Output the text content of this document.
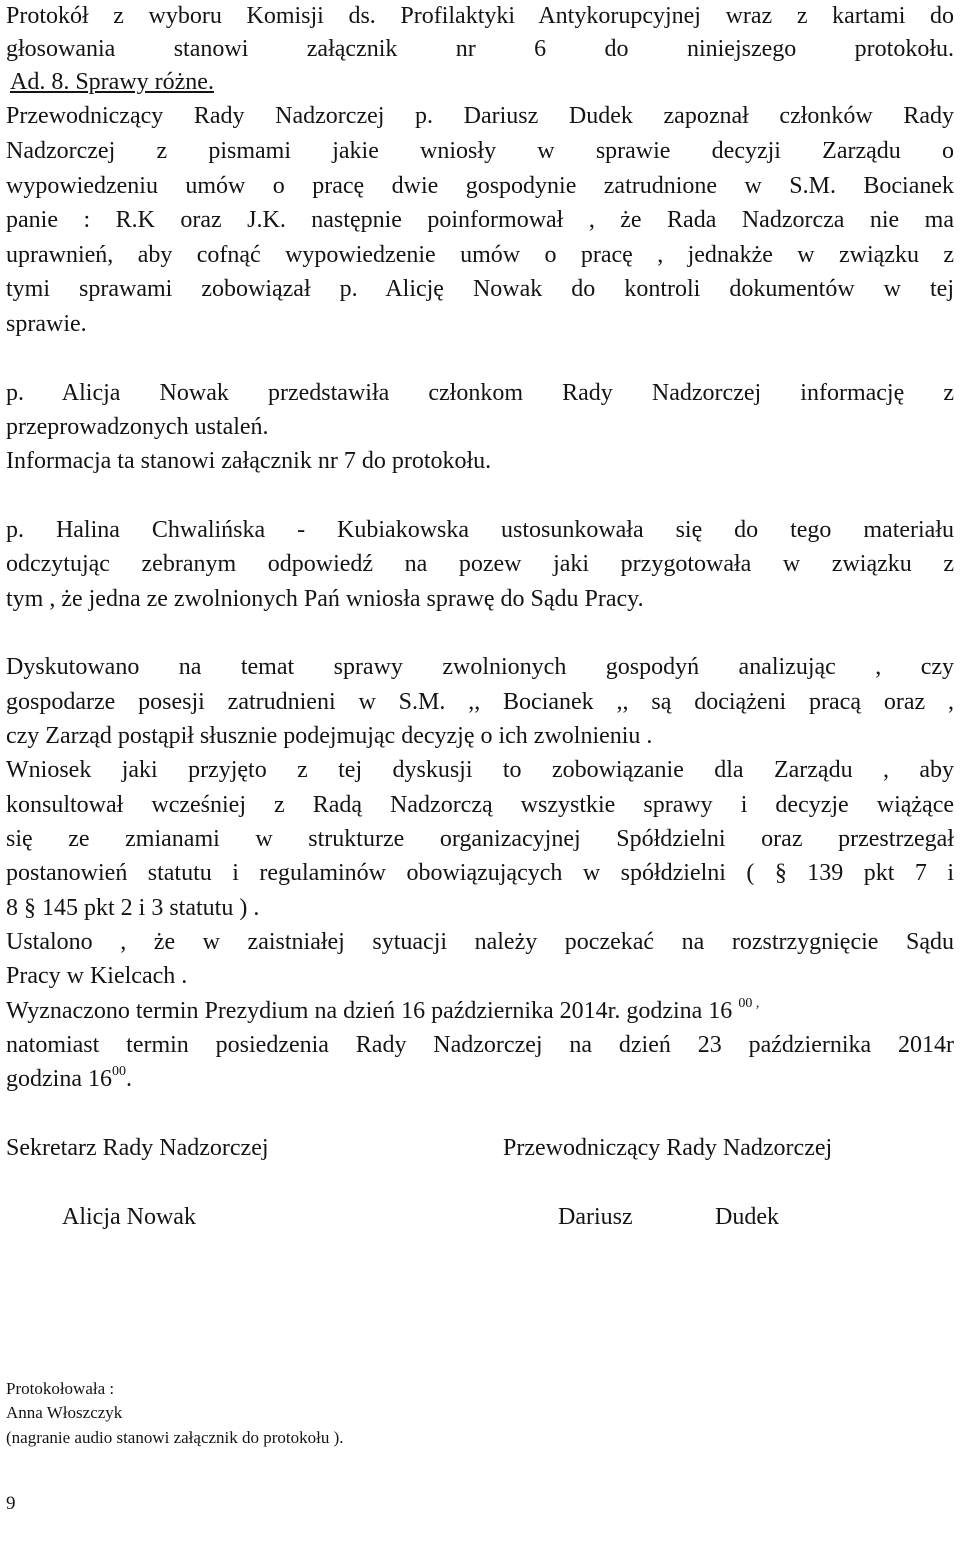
Protokół z wyboru Komisji ds. Profilaktyki Antykorupcyjnej wraz z kartami do

głosowania stanowi załącznik nr 6 do niniejszego protokołu.

Ad. 8. Sprawy różne.

Przewodniczący Rady Nadzorczej p. Dariusz Dudek zapoznał członków Rady

Nadzorczej z pismami jakie wniosły w sprawie decyzji Zarządu o

wypowiedzeniu umów o pracę dwie gospodynie zatrudnione w S.M. Bocianek

panie : R.K oraz J.K. następnie poinformował , że Rada Nadzorcza nie ma

uprawnień, aby cofnąć wypowiedzenie umów o pracę , jednakże w związku z

tymi sprawami zobowiązał p. Alicję Nowak do kontroli dokumentów w tej

sprawie.

p. Alicja Nowak przedstawiła członkom Rady Nadzorczej informację z

przeprowadzonych ustaleń.

Informacja ta stanowi załącznik nr 7 do protokołu.

p. Halina Chwalińska - Kubiakowska ustosunkowała się do tego materiału

odczytując zebranym odpowiedź na pozew jaki przygotowała w związku z

tym , że jedna ze zwolnionych Pań wniosła sprawę do Sądu Pracy.

Dyskutowano na temat sprawy zwolnionych gospodyń analizując , czy

gospodarze posesji zatrudnieni w S.M. ,, Bocianek ,, są dociążeni pracą oraz ,

czy Zarząd postąpił słusznie podejmując decyzję o ich zwolnieniu .

Wniosek jaki przyjęto z tej dyskusji to zobowiązanie dla Zarządu , aby

konsultował wcześniej z Radą Nadzorczą wszystkie sprawy i decyzje wiążące

się ze zmianami w strukturze organizacyjnej Spółdzielni oraz przestrzegał

postanowień statutu i regulaminów obowiązujących w spółdzielni ( § 139 pkt 7 i

8 § 145 pkt 2 i 3 statutu ) .

Ustalono , że w zaistniałej sytuacji należy poczekać na rozstrzygnięcie Sądu

Pracy w Kielcach .

Wyznaczono termin Prezydium na dzień 16 października 2014r. godzina 16 $^{00 ,}$

natomiast termin posiedzenia Rady Nadzorczej na dzień 23 października 2014r

godzina $16^{00}$.

Sekretarz Rady Nadzorczej	Przewodniczący Rady Nadzorczej
Alicja Nowak	Dariusz	Dudek
Protokołowała :
Anna Włoszczyk
(nagranie audio stanowi załącznik do protokołu ).
9
